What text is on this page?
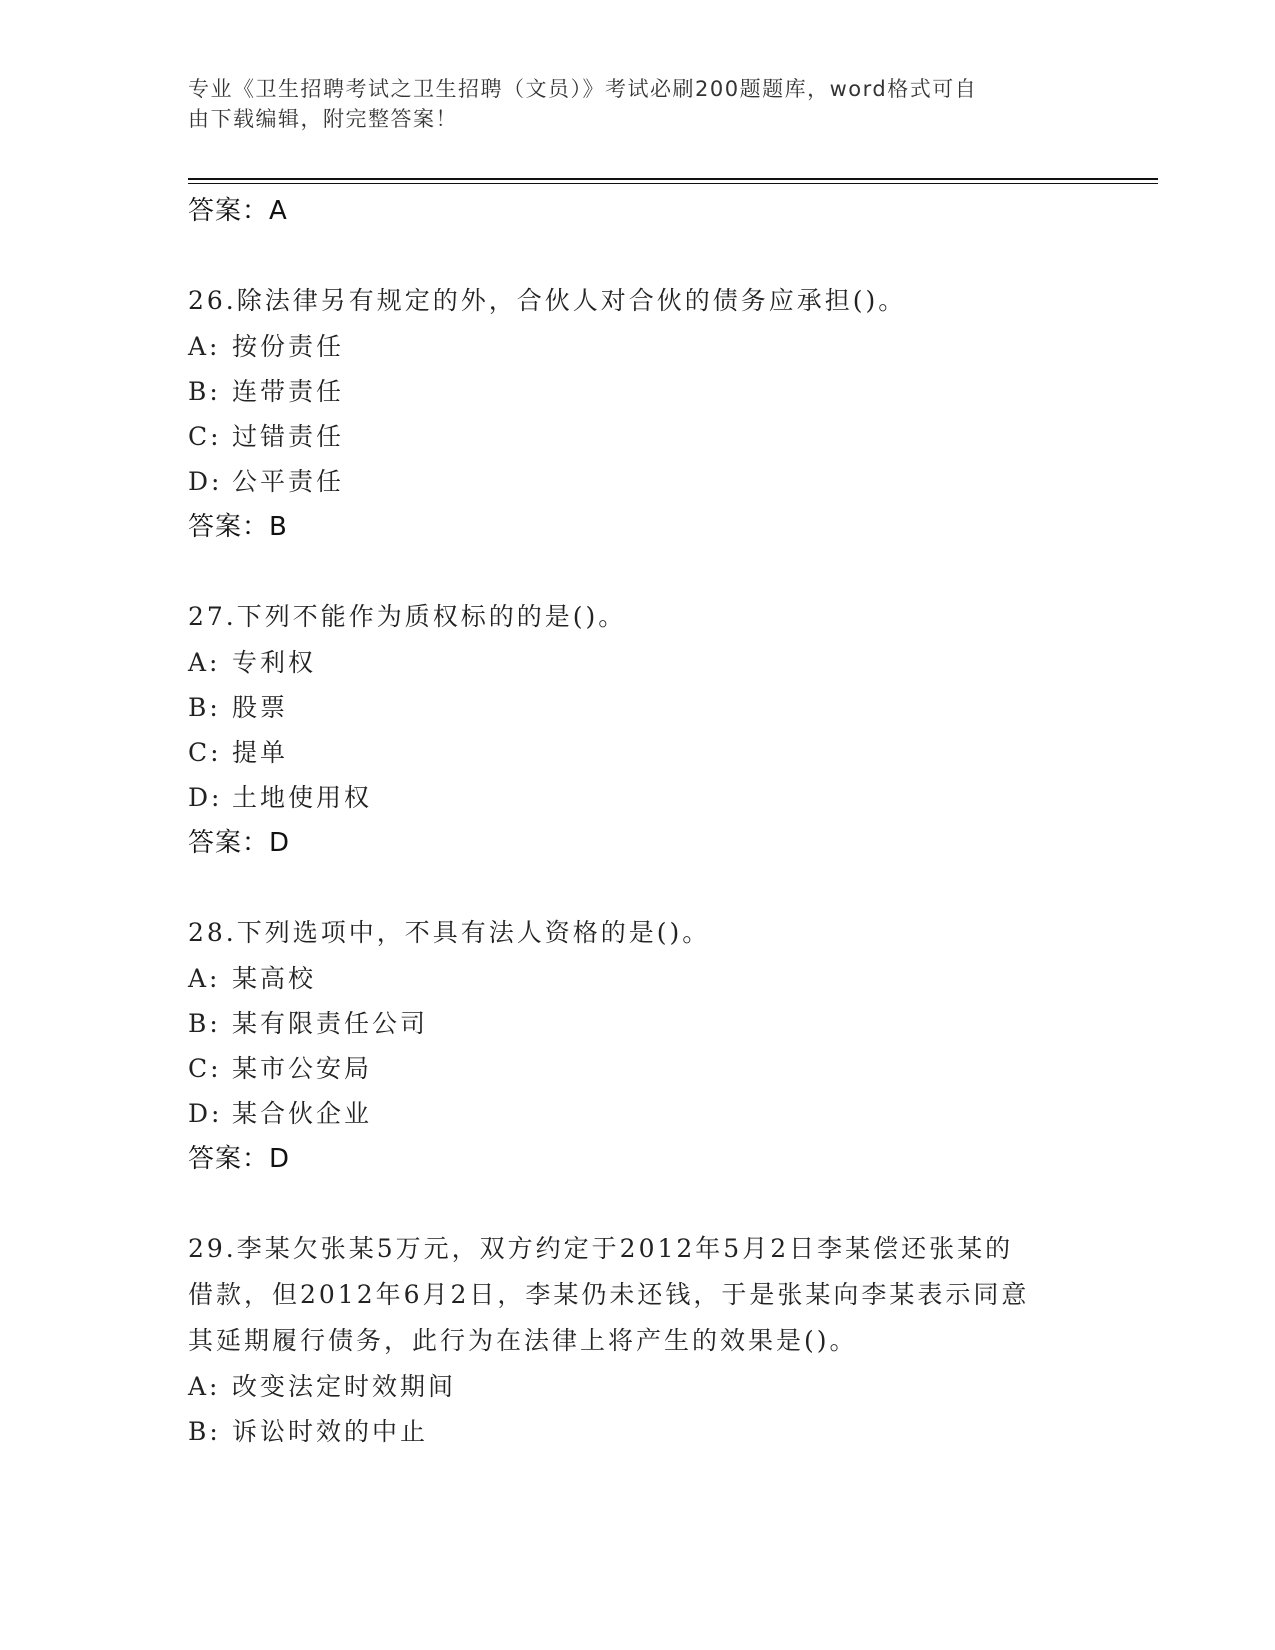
专业《卫生招聘考试之卫生招聘（文员）》考试必刷200题题库，word格式可自
由下载编辑，附完整答案！
答案：A
26.除法律另有规定的外，合伙人对合伙的债务应承担()。
A: 按份责任
B: 连带责任
C: 过错责任
D: 公平责任
答案：B
27.下列不能作为质权标的的是()。
A: 专利权
B: 股票
C: 提单
D: 土地使用权
答案：D
28.下列选项中，不具有法人资格的是()。
A: 某高校
B: 某有限责任公司
C: 某市公安局
D: 某合伙企业
答案：D
29.李某欠张某5万元，双方约定于2012年5月2日李某偿还张某的
借款，但2012年6月2日，李某仍未还钱，于是张某向李某表示同意
其延期履行债务，此行为在法律上将产生的效果是()。
A: 改变法定时效期间
B: 诉讼时效的中止
